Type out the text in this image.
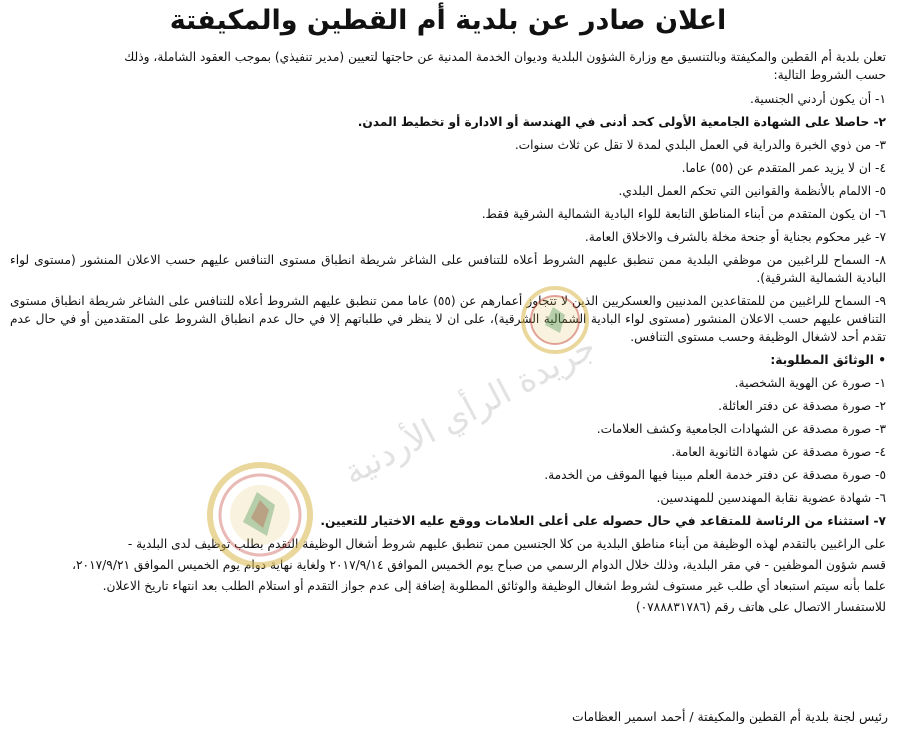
اعلان صادر عن بلدية أم القطين والمكيفتة
تعلن بلدية أم القطين والمكيفتة وبالتنسيق مع وزارة الشؤون البلدية وديوان الخدمة المدنية عن حاجتها لتعيين (مدير تنفيذي) بموجب العقود الشاملة، وذلك
حسب الشروط التالية:

١- أن يكون أردني الجنسية.

٢- حاصلا على الشهادة الجامعية الأولى كحد أدنى في الهندسة أو الادارة أو تخطيط المدن.

٣- من ذوي الخبرة والدراية في العمل البلدي لمدة لا تقل عن ثلاث سنوات.

٤- ان لا يزيد عمر المتقدم عن (٥٥) عاما.

٥- الالمام بالأنظمة والقوانين التي تحكم العمل البلدي.

٦- ان يكون المتقدم من أبناء المناطق التابعة للواء البادية الشمالية الشرقية فقط.

٧- غير محكوم بجناية أو جنحة مخلة بالشرف والاخلاق العامة.

٨- السماح للراغبين من موظفي البلدية ممن تنطبق عليهم الشروط أعلاه للتنافس على الشاغر شريطة انطباق مستوى التنافس عليهم حسب الاعلان المنشور (مستوى لواء البادية الشمالية الشرقية).

٩- السماح للراغبين من للمتقاعدين المدنيين والعسكريين الذين لا تتجاوز أعمارهم عن (٥٥) عاما ممن تنطبق عليهم الشروط أعلاه للتنافس على الشاغر شريطة انطباق مستوى التنافس عليهم حسب الاعلان المنشور (مستوى لواء البادية الشمالية الشرقية)، على ان لا ينظر في طلباتهم إلا في حال عدم انطباق الشروط على المتقدمين أو في حال عدم تقدم أحد لاشغال الوظيفة وحسب مستوى التنافس.

• الوثائق المطلوبة:

١- صورة عن الهوية الشخصية.

٢- صورة مصدقة عن دفتر العائلة.

٣- صورة مصدقة عن الشهادات الجامعية وكشف العلامات.

٤- صورة مصدقة عن شهادة الثانوية العامة.

٥- صورة مصدقة عن دفتر خدمة العلم مبينا فيها الموقف من الخدمة.

٦- شهادة عضوية نقابة المهندسين للمهندسين.

٧- استثناء من الرئاسة للمتقاعد في حال حصوله على أعلى العلامات ووقع عليه الاختيار للتعيين.

على الراغبين بالتقدم لهذه الوظيفة من أبناء مناطق البلدية من كلا الجنسين ممن تنطبق عليهم شروط أشغال الوظيفة التقدم بطلب توظيف لدى البلدية -

قسم شؤون الموظفين - في مقر البلدية، وذلك خلال الدوام الرسمي من صباح يوم الخميس الموافق ٢٠١٧/٩/١٤ ولغاية نهاية دوام يوم الخميس الموافق ٢٠١٧/٩/٢١،

علما بأنه سيتم استبعاد أي طلب غير مستوف لشروط اشغال الوظيفة والوثائق المطلوبة إضافة إلى عدم جواز التقدم أو استلام الطلب بعد انتهاء تاريخ الاعلان.

للاستفسار الاتصال على هاتف رقم (٠٧٨٨٨٣١٧٨٦)

رئيس لجنة بلدية أم القطين والمكيفتة / أحمد اسمير العظامات
جريدة الرأي الأردنية
